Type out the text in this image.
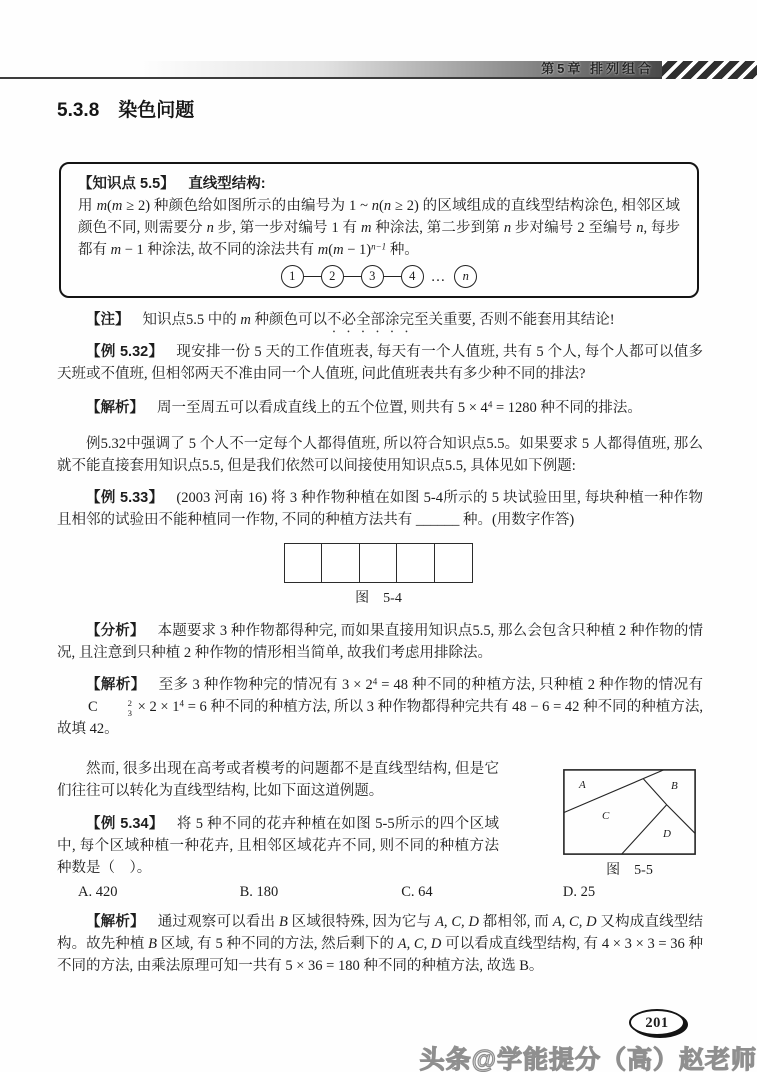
第5章 排列组合
5.3.8　染色问题
【知识点 5.5】 直线型结构:
用 m(m ≥ 2) 种颜色给如图所示的由编号为 1 ~ n(n ≥ 2) 的区域组成的直线型结构涂色, 相邻区域颜色不同, 则需要分 n 步, 第一步对编号 1 有 m 种涂法, 第二步到第 n 步对编号 2 至编号 n, 每步都有 m − 1 种涂法, 故不同的涂法共有 $m(m - 1)^{n-1}$ 种。
1	2	3	4	…	n

【注】 知识点5.5 中的 m 种颜色可以不必全部涂完至关重要, 否则不能套用其结论!

【例 5.32】 现安排一份 5 天的工作值班表, 每天有一个人值班, 共有 5 个人, 每个人都可以值多天班或不值班, 但相邻两天不准由同一个人值班, 问此值班表共有多少种不同的排法?

【解析】 周一至周五可以看成直线上的五个位置, 则共有 $5 \times 4^4 = 1280$ 种不同的排法。

例5.32中强调了 5 个人不一定每个人都得值班, 所以符合知识点5.5。如果要求 5 人都得值班, 那么就不能直接套用知识点5.5, 但是我们依然可以间接使用知识点5.5, 具体见如下例题:

【例 5.33】 (2003 河南 16) 将 3 种作物种植在如图 5-4所示的 5 块试验田里, 每块种植一种作物且相邻的试验田不能种植同一作物, 不同的种植方法共有 ______ 种。(用数字作答)

图　5-4

【分析】 本题要求 3 种作物都得种完, 而如果直接用知识点5.5, 那么会包含只种植 2 种作物的情况, 且注意到只种植 2 种作物的情形相当简单, 故我们考虑用排除法。

【解析】 至多 3 种作物种完的情况有 $3 \times 2^4 = 48$ 种不同的种植方法, 只种植 2 种作物的情况有
C	2
$3 \times 2 \times 1^4 = 6$ 种不同的种植方法, 所以 3 种作物都得种完共有 48 − 6 = 42 种不同的种植方法, 故填 42。

然而, 很多出现在高考或者模考的问题都不是直线型结构, 但是它们往往可以转化为直线型结构, 比如下面这道例题。

【例 5.34】 将 5 种不同的花卉种植在如图 5-5所示的四个区域中, 每个区域种植一种花卉, 且相邻区域花卉不同, 则不同的种植方法种数是（　）。

A	B
C
D
图　5-5
A. 420	B. 180	C. 64	D. 25

【解析】 通过观察可以看出 B 区域很特殊, 因为它与 A, C, D 都相邻, 而 A, C, D 又构成直线型结构。故先种植 B 区域, 有 5 种不同的方法, 然后剩下的 A, C, D 可以看成直线型结构, 有 4 × 3 × 3 = 36 种不同的方法, 由乘法原理可知一共有 5 × 36 = 180 种不同的种植方法, 故选 B。

201
头条@学能提分（高）赵老师
